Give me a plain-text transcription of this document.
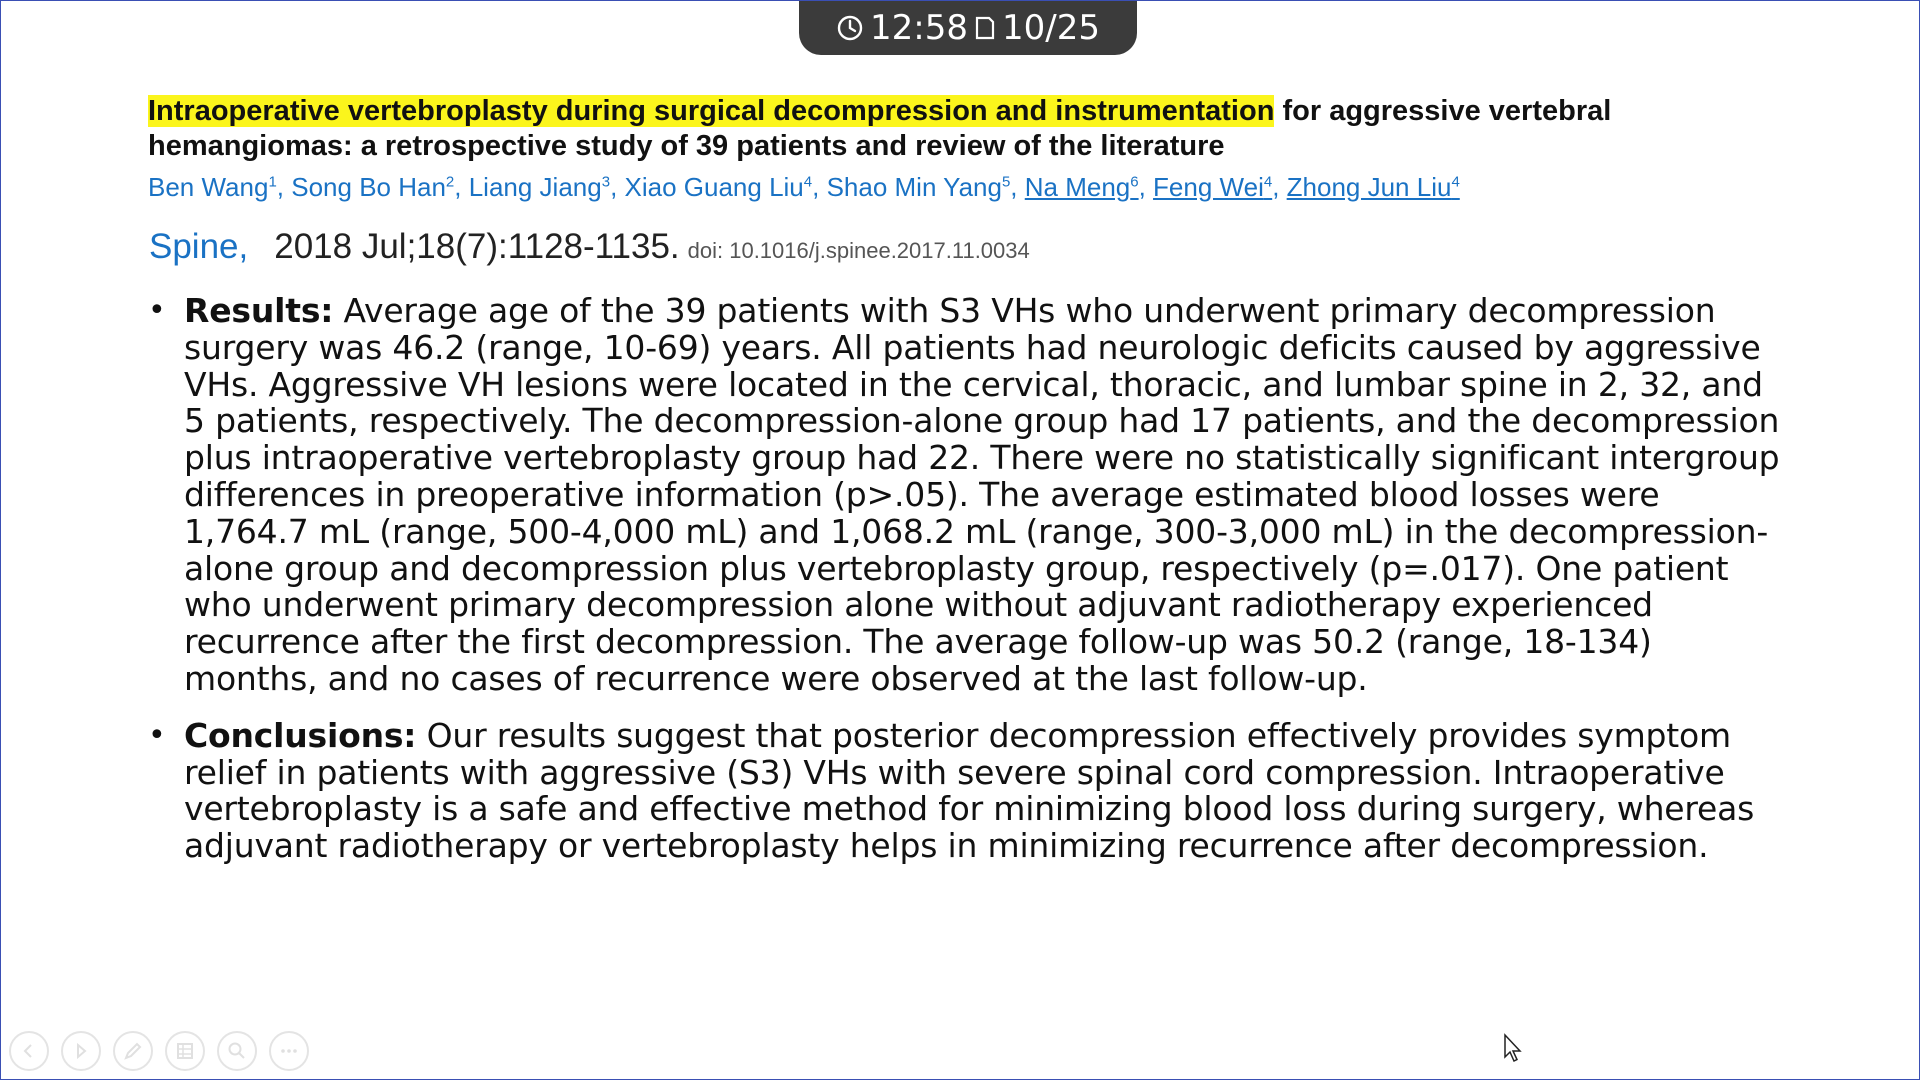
12:58 10/25
Intraoperative vertebroplasty during surgical decompression and instrumentation for aggressive vertebral hemangiomas: a retrospective study of 39 patients and review of the literature
Ben Wang$^1$, Song Bo Han$^2$, Liang Jiang$^3$, Xiao Guang Liu$^4$, Shao Min Yang$^5$, Na Meng$^6$, Feng Wei$^4$, Zhong Jun Liu$^4$
Spine, 2018 Jul;18(7):1128-1135. doi: 10.1016/j.spinee.2017.11.0034
• Results: Average age of the 39 patients with S3 VHs who underwent primary decompression surgery was 46.2 (range, 10-69) years. All patients had neurologic deficits caused by aggressive VHs. Aggressive VH lesions were located in the cervical, thoracic, and lumbar spine in 2, 32, and 5 patients, respectively. The decompression-alone group had 17 patients, and the decompression plus intraoperative vertebroplasty group had 22. There were no statistically significant intergroup differences in preoperative information (p>.05). The average estimated blood losses were 1,764.7 mL (range, 500-4,000 mL) and 1,068.2 mL (range, 300-3,000 mL) in the decompression-alone group and decompression plus vertebroplasty group, respectively (p=.017). One patient who underwent primary decompression alone without adjuvant radiotherapy experienced recurrence after the first decompression. The average follow-up was 50.2 (range, 18-134) months, and no cases of recurrence were observed at the last follow-up.
• Conclusions: Our results suggest that posterior decompression effectively provides symptom relief in patients with aggressive (S3) VHs with severe spinal cord compression. Intraoperative vertebroplasty is a safe and effective method for minimizing blood loss during surgery, whereas adjuvant radiotherapy or vertebroplasty helps in minimizing recurrence after decompression.
